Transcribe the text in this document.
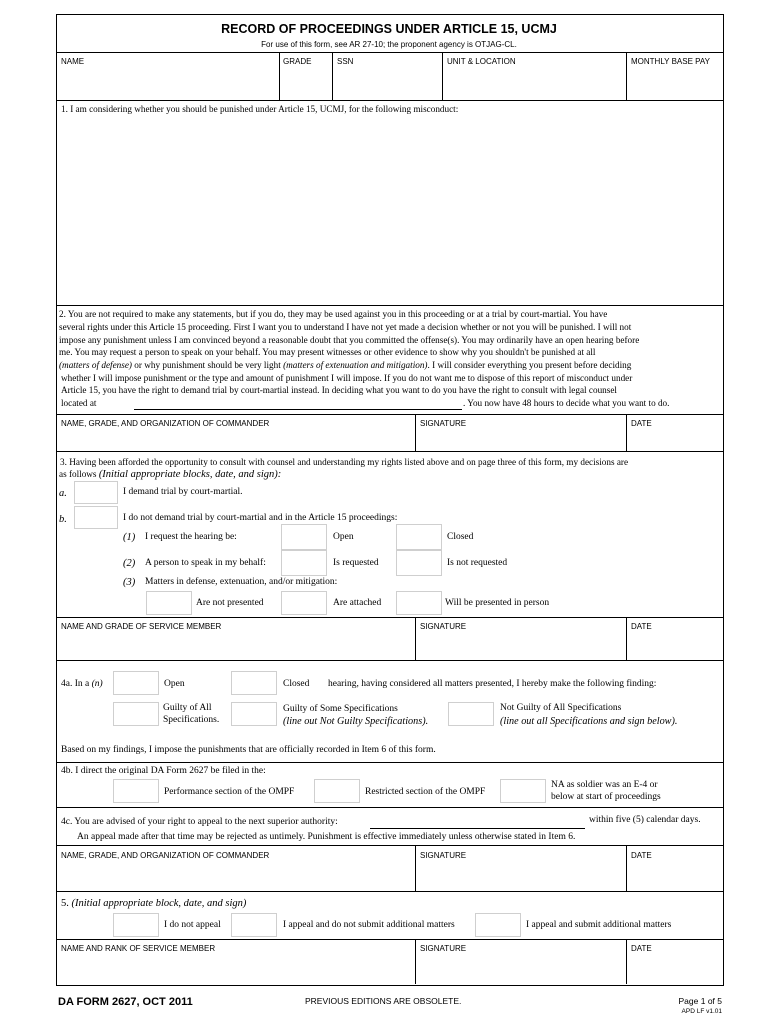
RECORD OF PROCEEDINGS UNDER ARTICLE 15, UCMJ
For use of this form, see AR 27-10; the proponent agency is OTJAG-CL.
NAME	GRADE	SSN	UNIT & LOCATION	MONTHLY BASE PAY
1. I am considering whether you should be punished under Article 15, UCMJ, for the following misconduct:
2. You are not required to make any statements, but if you do, they may be used against you in this proceeding or at a trial by court-martial. You have
several rights under this Article 15 proceeding. First I want you to understand I have not yet made a decision whether or not you will be punished. I will not
impose any punishment unless I am convinced beyond a reasonable doubt that you committed the offense(s). You may ordinarily have an open hearing before
me. You may request a person to speak on your behalf. You may present witnesses or other evidence to show why you shouldn't be punished at all
(matters of defense) or why punishment should be very light (matters of extenuation and mitigation). I will consider everything you present before deciding
whether I will impose punishment or the type and amount of punishment I will impose. If you do not want me to dispose of this report of misconduct under
Article 15, you have the right to demand trial by court-martial instead. In deciding what you want to do you have the right to consult with legal counsel
located at	. You now have 48 hours to decide what you want to do.
NAME, GRADE, AND ORGANIZATION OF COMMANDER	SIGNATURE	DATE
3. Having been afforded the opportunity to consult with counsel and understanding my rights listed above and on page three of this form, my decisions are
as follows (Initial appropriate blocks, date, and sign):
a.	I demand trial by court-martial.
b.	I do not demand trial by court-martial and in the Article 15 proceedings:
(1) I request the hearing be:	Open	Closed
(2) A person to speak in my behalf:	Is requested	Is not requested
(3) Matters in defense, extenuation, and/or mitigation:
Are not presented	Are attached	Will be presented in person
NAME AND GRADE OF SERVICE MEMBER	SIGNATURE	DATE
4a. In a (n)	Open	Closed hearing, having considered all matters presented, I hereby make the following finding:
Guilty of All
Specifications.
Guilty of Some Specifications
(line out Not Guilty Specifications).
Not Guilty of All Specifications
(line out all Specifications and sign below).
Based on my findings, I impose the punishments that are officially recorded in Item 6 of this form.
4b. I direct the original DA Form 2627 be filed in the:
Performance section of the OMPF	Restricted section of the OMPF
NA as soldier was an E-4 or
below at start of proceedings
4c. You are advised of your right to appeal to the next superior authority:	within five (5) calendar days.
An appeal made after that time may be rejected as untimely. Punishment is effective immediately unless otherwise stated in Item 6.
NAME, GRADE, AND ORGANIZATION OF COMMANDER	SIGNATURE	DATE
5. (Initial appropriate block, date, and sign)
I do not appeal	I appeal and do not submit additional matters	I appeal and submit additional matters
NAME AND RANK OF SERVICE MEMBER	SIGNATURE	DATE
DA FORM 2627, OCT 2011	PREVIOUS EDITIONS ARE OBSOLETE.	Page 1 of 5
APD LF v1.01
